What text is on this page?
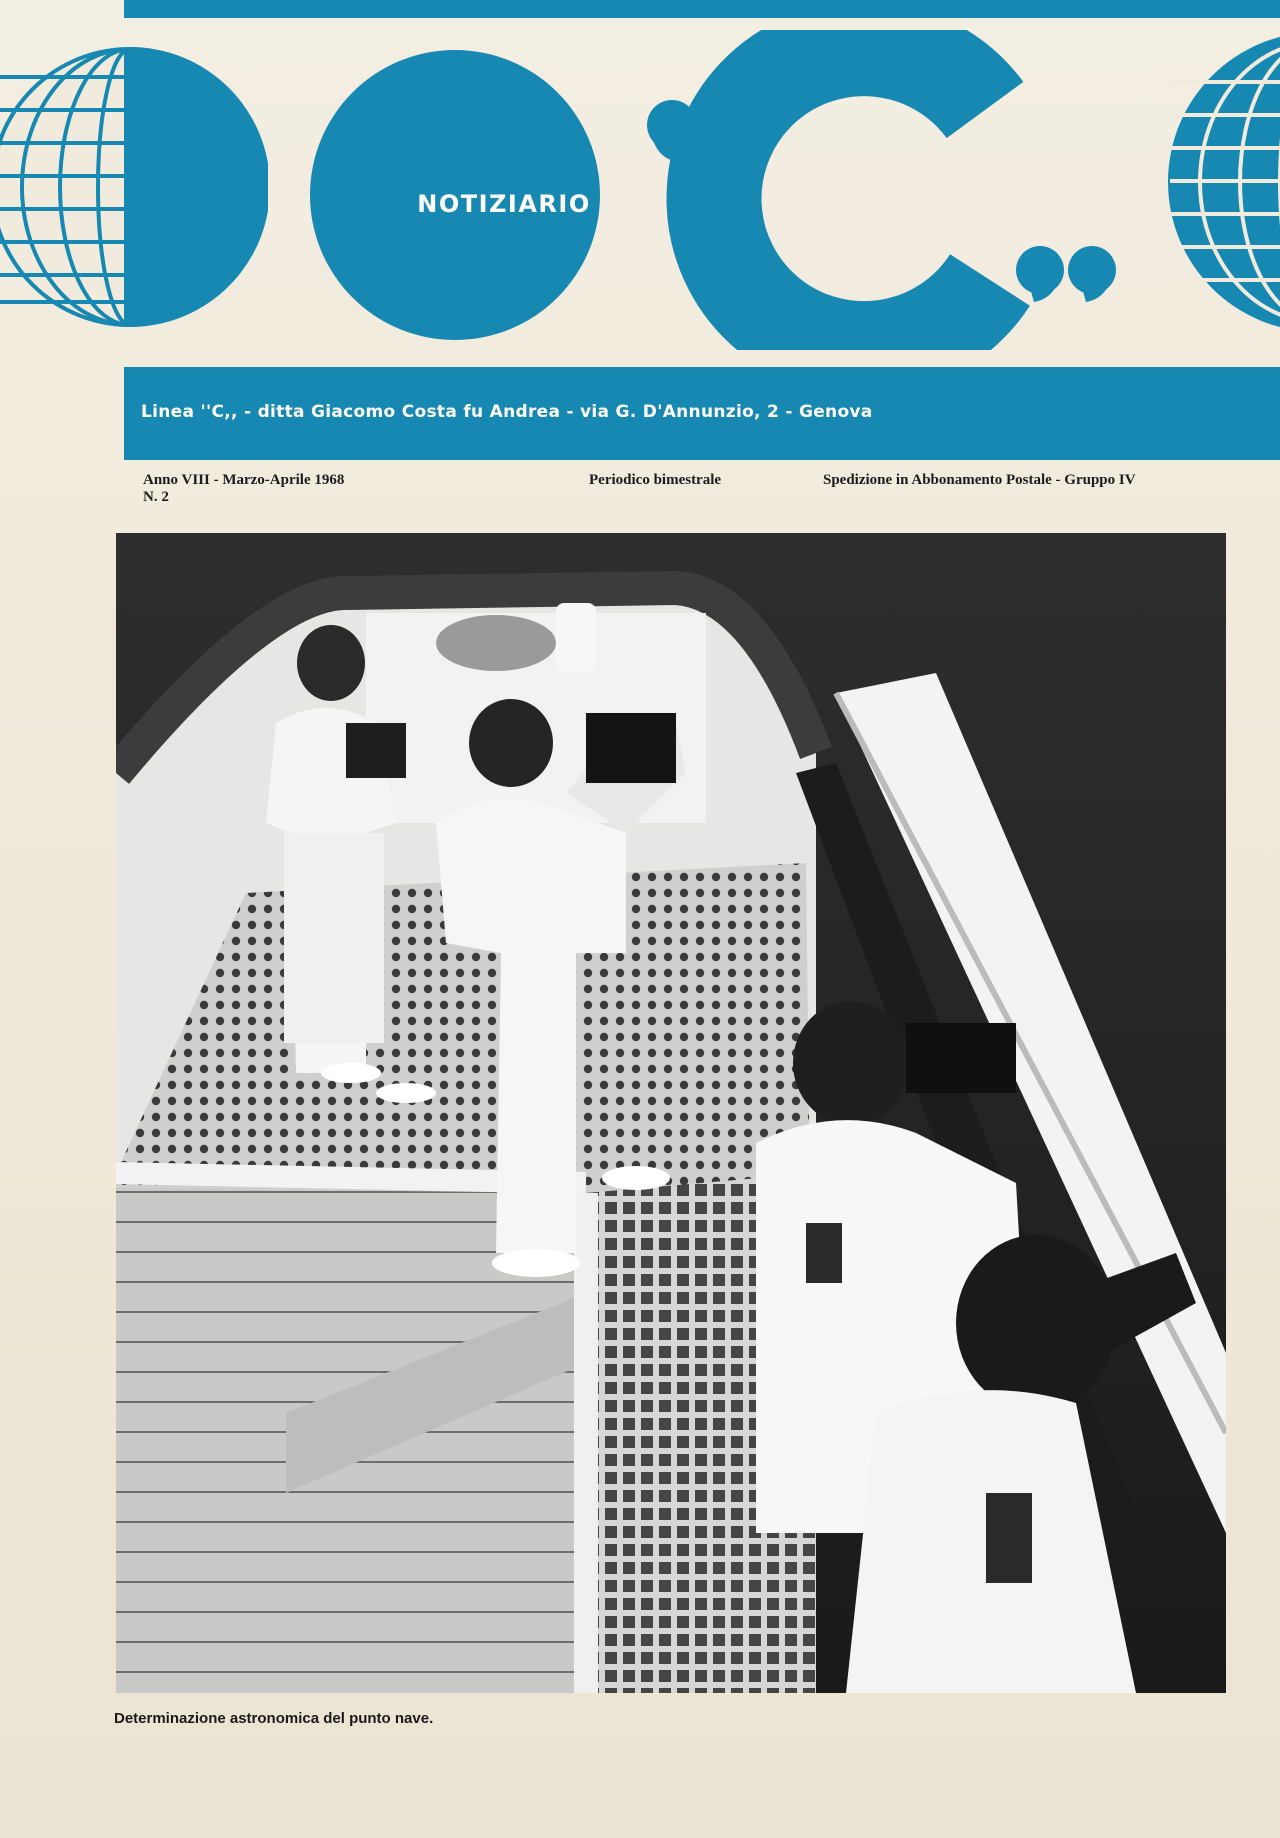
NOTIZIARIO
Linea ''C,, - ditta Giacomo Costa fu Andrea - via G. D'Annunzio, 2 - Genova
Anno VIII - Marzo-Aprile 1968
N. 2
Periodico bimestrale	Spedizione in Abbonamento Postale - Gruppo IV
Determinazione astronomica del punto nave.
